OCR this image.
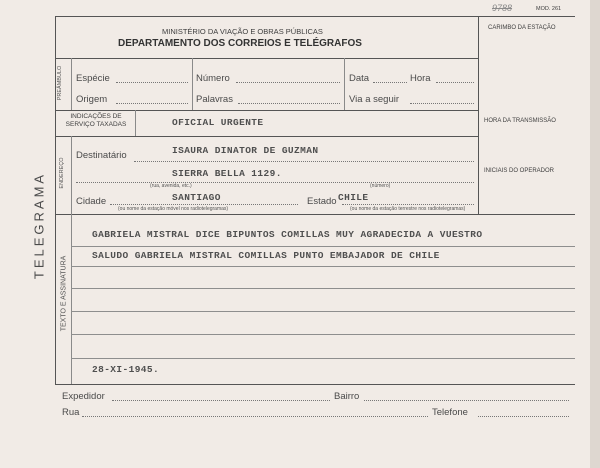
9788	MOD. 261
MINISTÉRIO DA VIAÇÃO E OBRAS PÚBLICAS
DEPARTAMENTO DOS CORREIOS E TELÉGRAFOS
CARIMBO DA ESTAÇÃO
TELEGRAMA
PREÂMBULO Espécie	Número	Data	Hora
Origem	Palavras	Via a seguir
INDICAÇÕES DE SERVIÇO TAXADAS	OFICIAL URGENTE	HORA DA TRANSMISSÃO
INICIAIS DO OPERADOR
ENDEREÇO
Destinatário	ISAURA DINATOR DE GUZMAN
SIERRA BELLA 1129.
(rua, avenida, etc.)	(número)
Cidade	SANTIAGO
(ou nome da estação móvel nos radiotelegramas)
Estado CHILE
(ou nome da estação terrestre nos radiotelegramas)
TEXTO E ASSINATURA
GABRIELA MISTRAL DICE BIPUNTOS COMILLAS MUY AGRADECIDA A VUESTRO
SALUDO GABRIELA MISTRAL COMILLAS PUNTO EMBAJADOR DE CHILE
28-XI-1945.
Expedidor	Bairro
Rua	Telefone
